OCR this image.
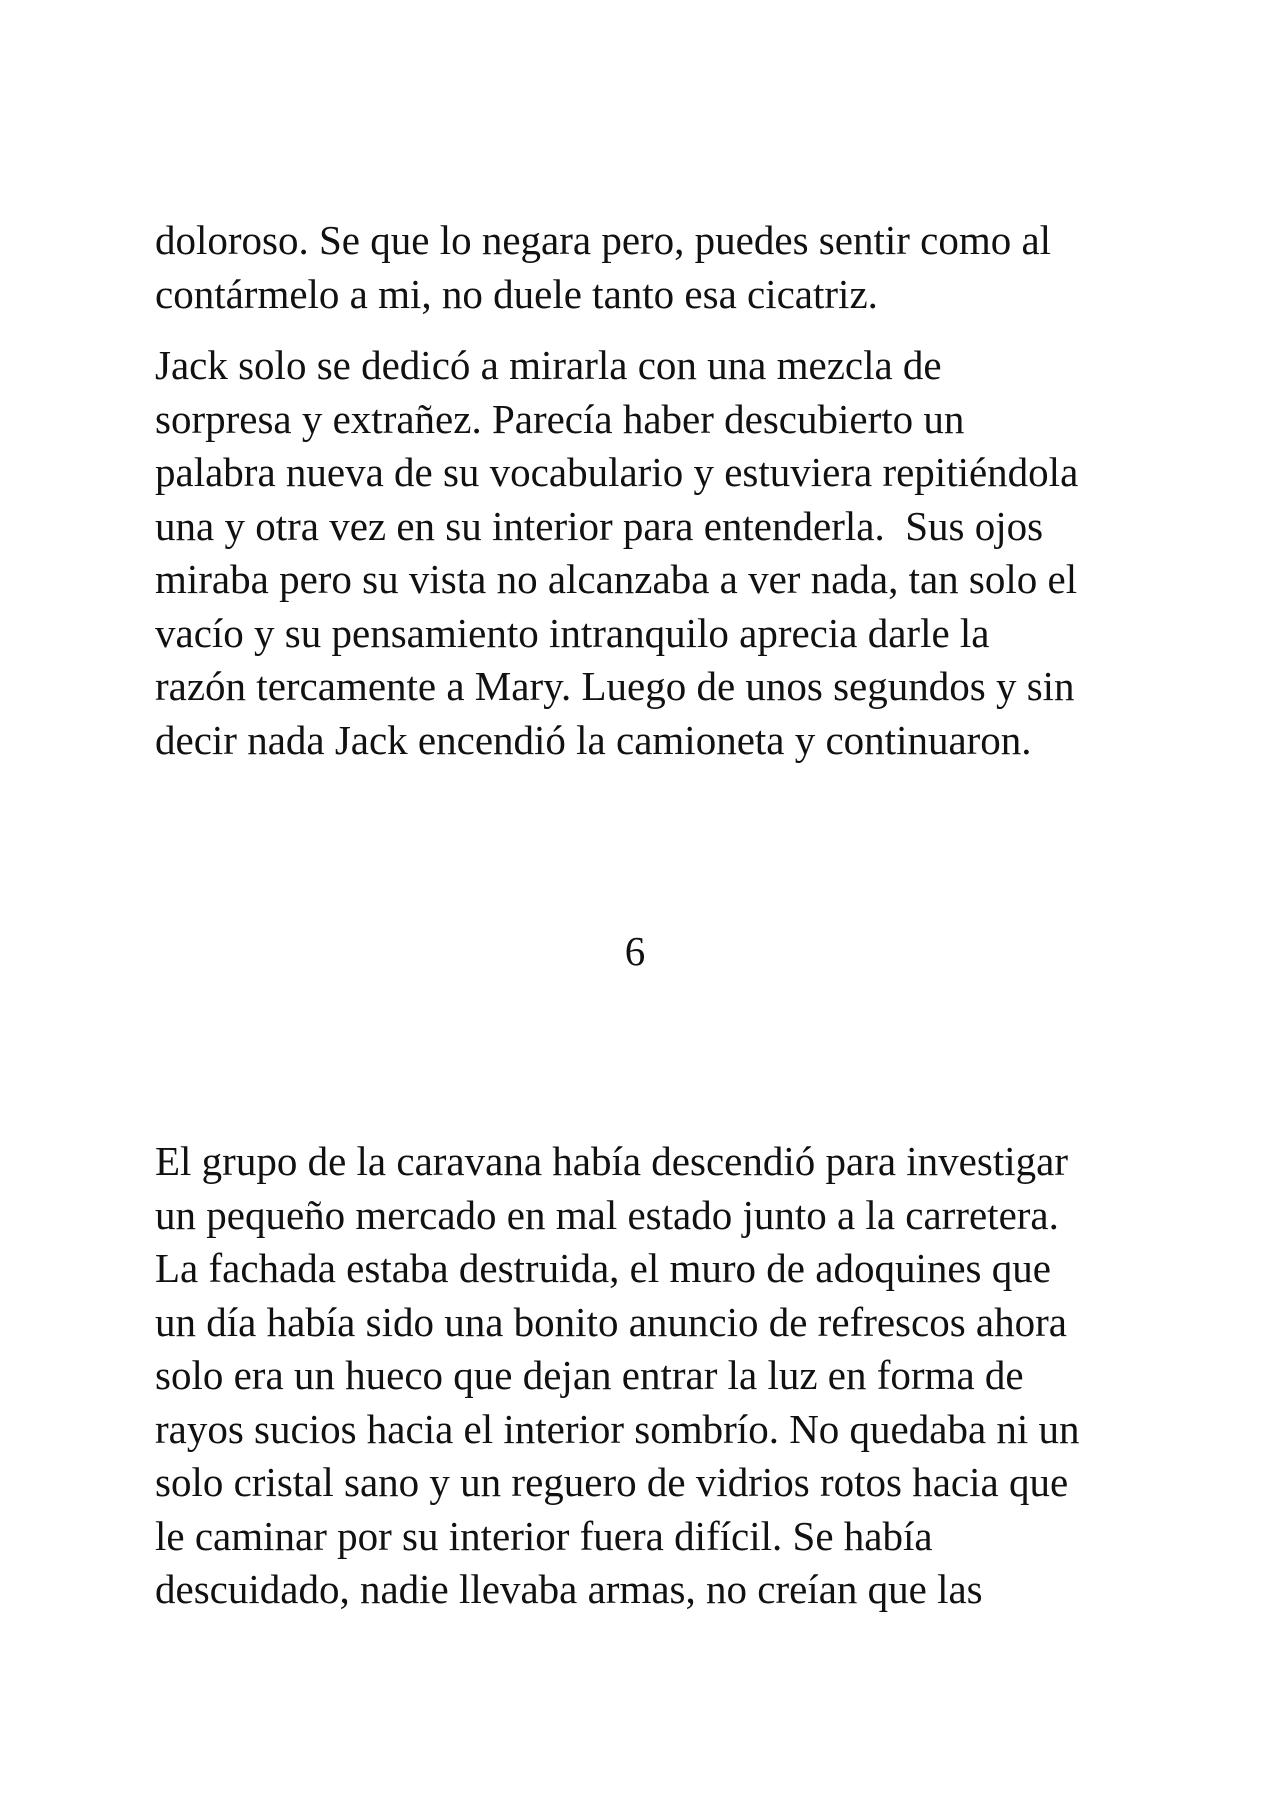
doloroso. Se que lo negara pero, puedes sentir como al
contármelo a mi, no duele tanto esa cicatriz.
Jack solo se dedicó a mirarla con una mezcla de
sorpresa y extrañez. Parecía haber descubierto un
palabra nueva de su vocabulario y estuviera repitiéndola
una y otra vez en su interior para entenderla.  Sus ojos
miraba pero su vista no alcanzaba a ver nada, tan solo el
vacío y su pensamiento intranquilo aprecia darle la
razón tercamente a Mary. Luego de unos segundos y sin
decir nada Jack encendió la camioneta y continuaron.
6
El grupo de la caravana había descendió para investigar
un pequeño mercado en mal estado junto a la carretera.
La fachada estaba destruida, el muro de adoquines que
un día había sido una bonito anuncio de refrescos ahora
solo era un hueco que dejan entrar la luz en forma de
rayos sucios hacia el interior sombrío. No quedaba ni un
solo cristal sano y un reguero de vidrios rotos hacia que
le caminar por su interior fuera difícil. Se había
descuidado, nadie llevaba armas, no creían que las
